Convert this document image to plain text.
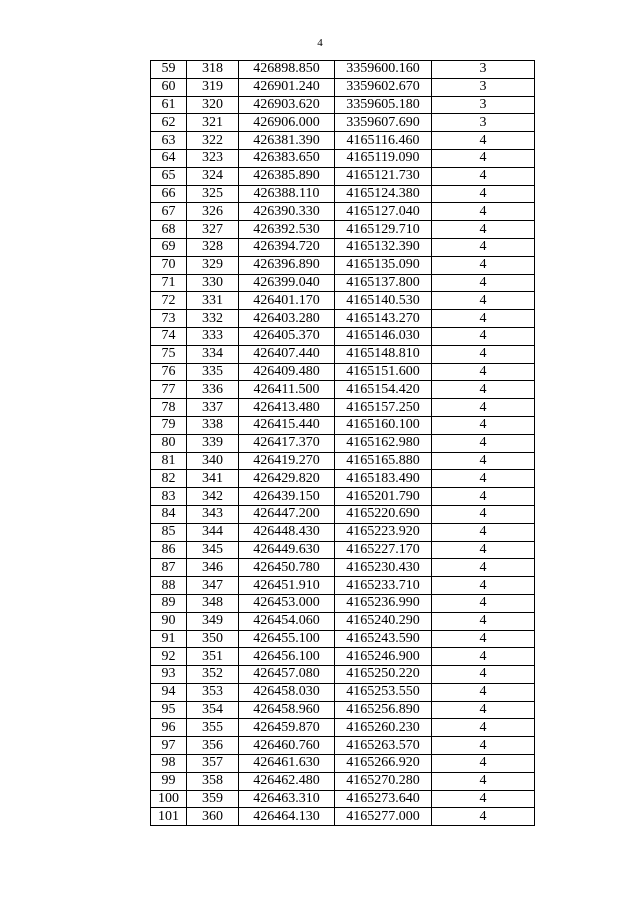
4
59	318	426898.850	3359600.160	3
60	319	426901.240	3359602.670	3
61	320	426903.620	3359605.180	3
62	321	426906.000	3359607.690	3
63	322	426381.390	4165116.460	4
64	323	426383.650	4165119.090	4
65	324	426385.890	4165121.730	4
66	325	426388.110	4165124.380	4
67	326	426390.330	4165127.040	4
68	327	426392.530	4165129.710	4
69	328	426394.720	4165132.390	4
70	329	426396.890	4165135.090	4
71	330	426399.040	4165137.800	4
72	331	426401.170	4165140.530	4
73	332	426403.280	4165143.270	4
74	333	426405.370	4165146.030	4
75	334	426407.440	4165148.810	4
76	335	426409.480	4165151.600	4
77	336	426411.500	4165154.420	4
78	337	426413.480	4165157.250	4
79	338	426415.440	4165160.100	4
80	339	426417.370	4165162.980	4
81	340	426419.270	4165165.880	4
82	341	426429.820	4165183.490	4
83	342	426439.150	4165201.790	4
84	343	426447.200	4165220.690	4
85	344	426448.430	4165223.920	4
86	345	426449.630	4165227.170	4
87	346	426450.780	4165230.430	4
88	347	426451.910	4165233.710	4
89	348	426453.000	4165236.990	4
90	349	426454.060	4165240.290	4
91	350	426455.100	4165243.590	4
92	351	426456.100	4165246.900	4
93	352	426457.080	4165250.220	4
94	353	426458.030	4165253.550	4
95	354	426458.960	4165256.890	4
96	355	426459.870	4165260.230	4
97	356	426460.760	4165263.570	4
98	357	426461.630	4165266.920	4
99	358	426462.480	4165270.280	4
100	359	426463.310	4165273.640	4
101	360	426464.130	4165277.000	4
